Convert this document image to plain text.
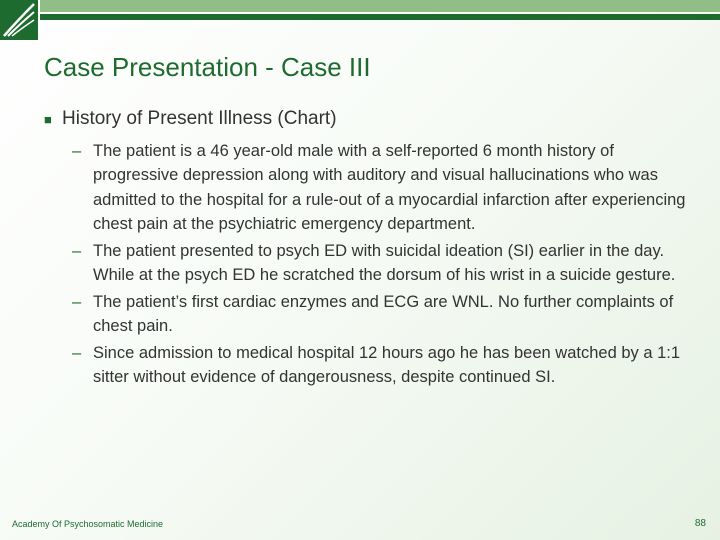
Case Presentation - Case III
■ History of Present Illness (Chart)
– The patient is a 46 year-old male with a self-reported 6 month history of progressive depression along with auditory and visual hallucinations who was admitted to the hospital for a rule-out of a myocardial infarction after experiencing chest pain at the psychiatric emergency department.
– The patient presented to psych ED with suicidal ideation (SI) earlier in the day. While at the psych ED he scratched the dorsum of his wrist in a suicide gesture.
– The patient’s first cardiac enzymes and ECG are WNL. No further complaints of chest pain.
– Since admission to medical hospital 12 hours ago he has been watched by a 1:1 sitter without evidence of dangerousness, despite continued SI.
Academy Of Psychosomatic Medicine	88
